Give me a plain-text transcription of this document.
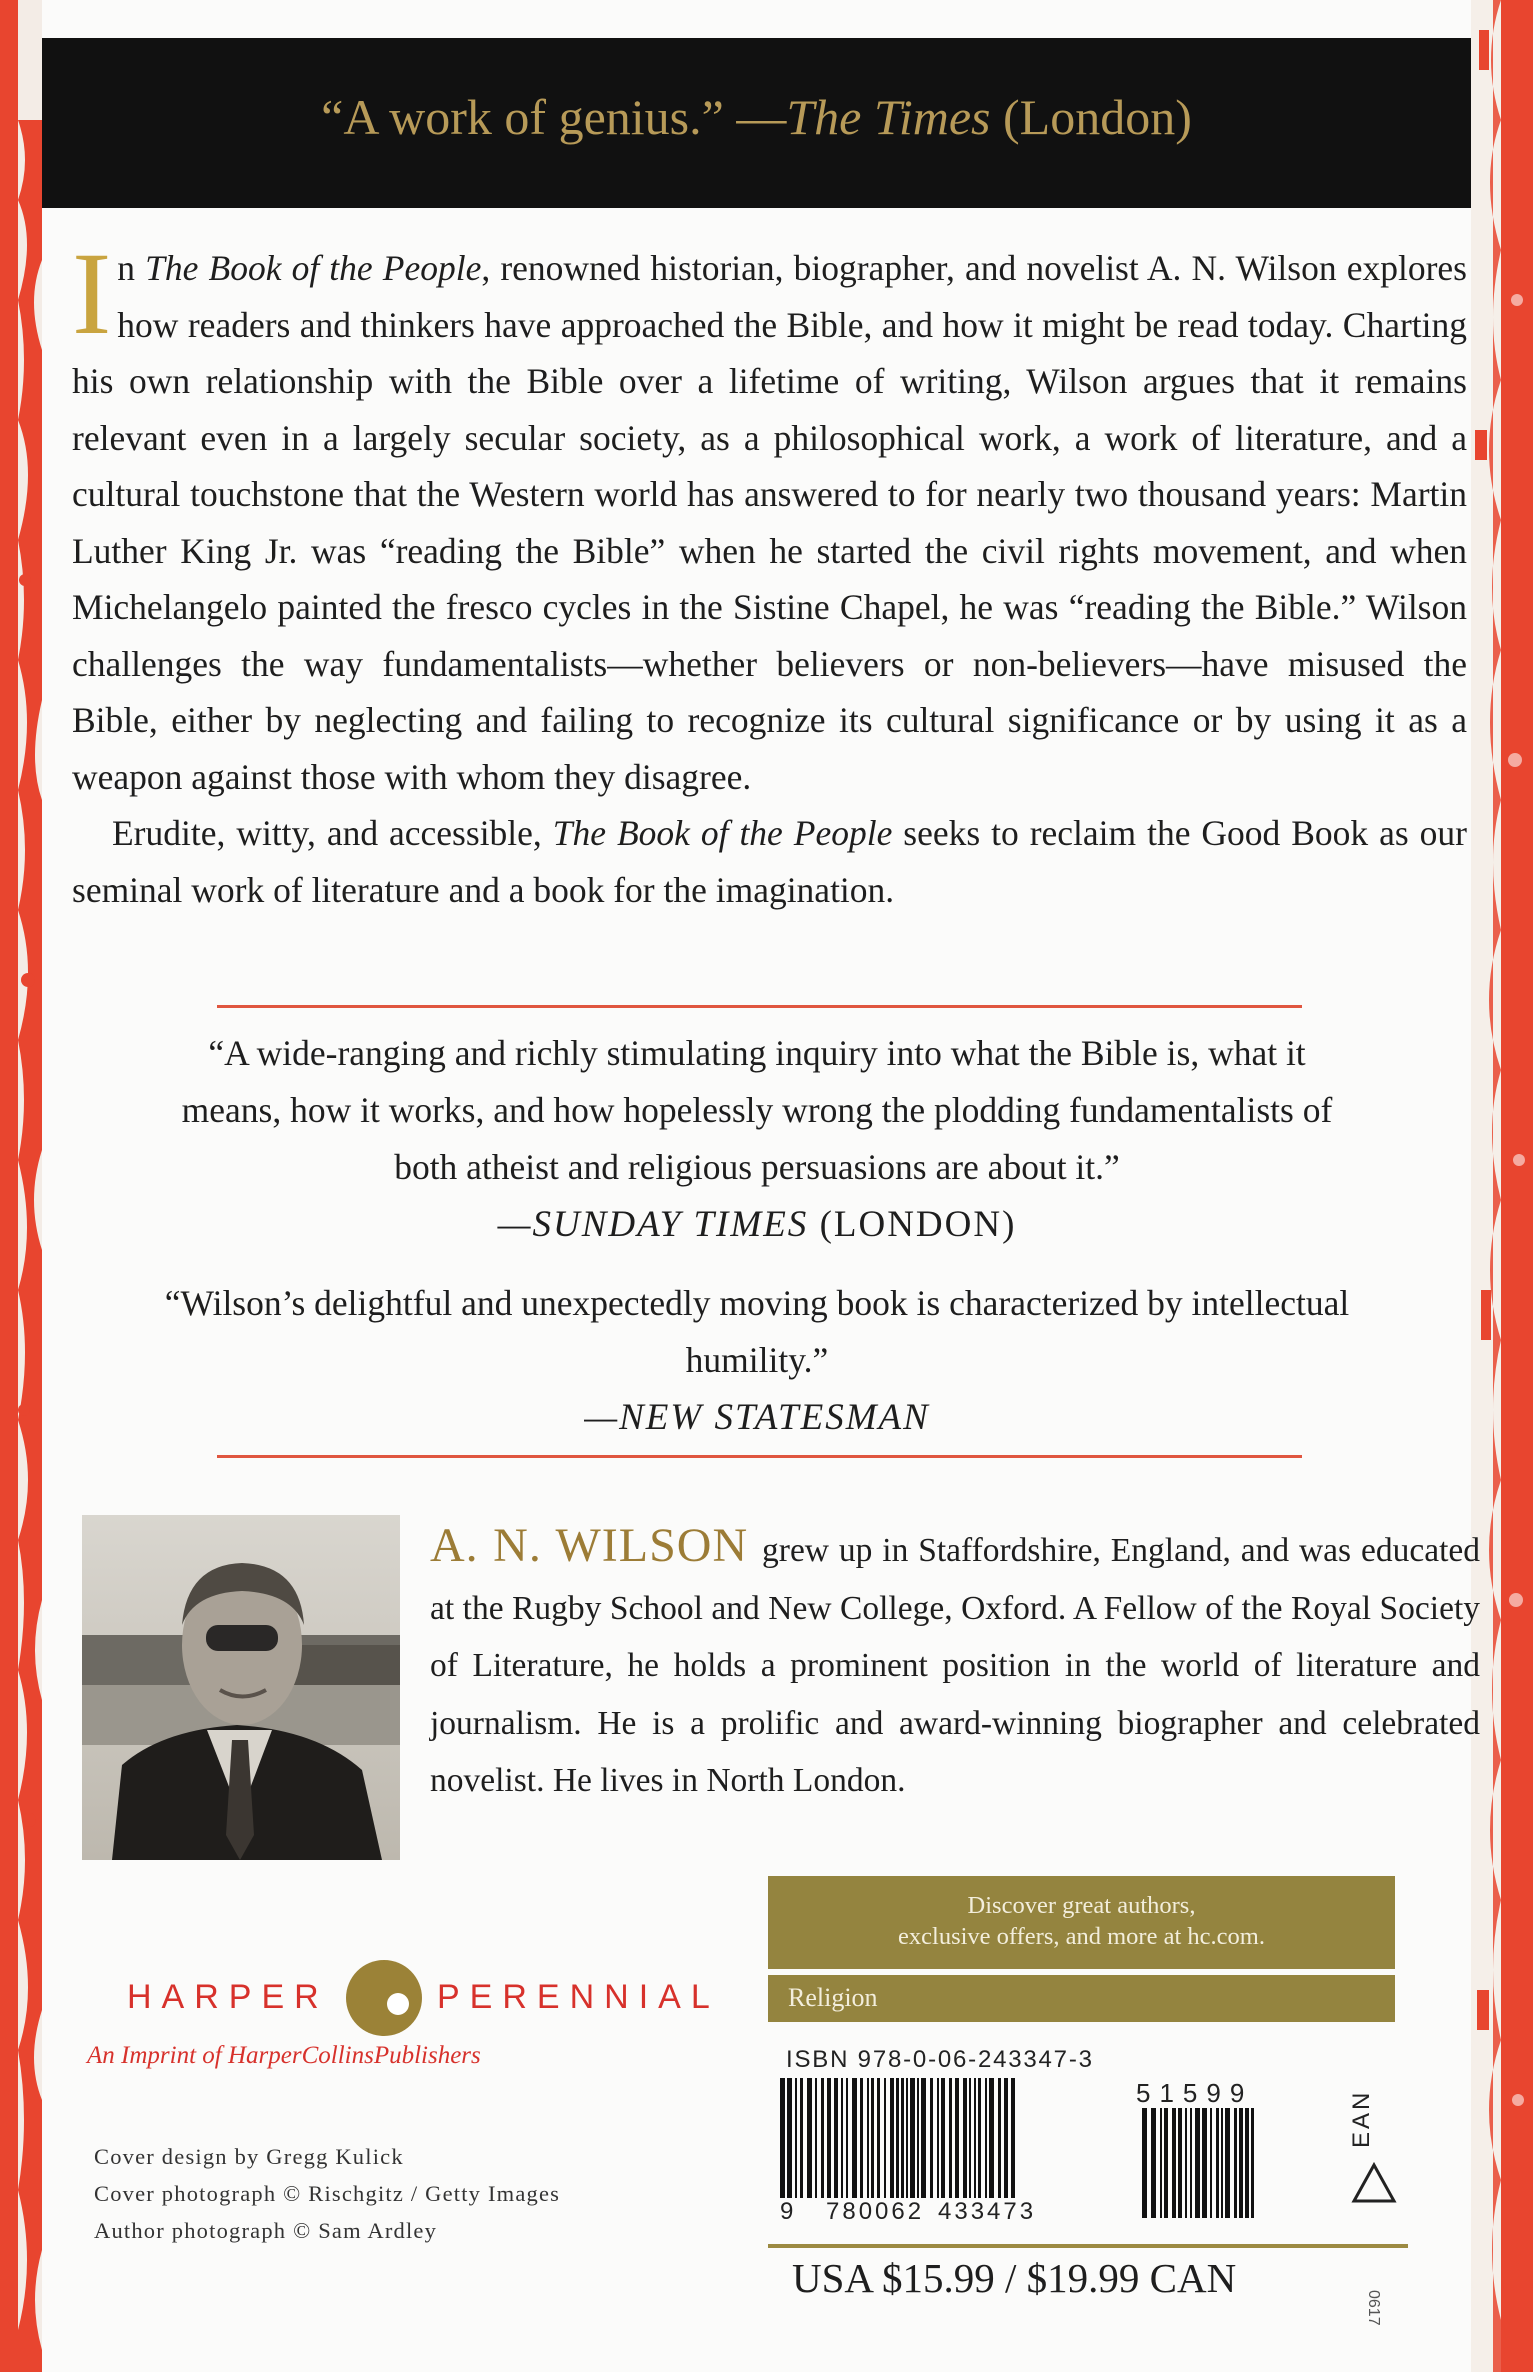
“A work of genius.” —The Times (London)

In The Book of the People, renowned historian, biographer, and novelist A. N. Wilson explores how readers and thinkers have approached the Bible, and how it might be read today. Charting his own relationship with the Bible over a lifetime of writing, Wilson argues that it remains relevant even in a largely secular society, as a philosophical work, a work of literature, and a cultural touchstone that the Western world has answered to for nearly two thousand years: Martin Luther King Jr. was “reading the Bible” when he started the civil rights movement, and when Michelangelo painted the fresco cycles in the Sistine Chapel, he was “reading the Bible.” Wilson challenges the way fundamentalists—whether believers or non-believers—have misused the Bible, either by neglecting and failing to recognize its cultural significance or by using it as a weapon against those with whom they disagree.

Erudite, witty, and accessible, The Book of the People seeks to reclaim the Good Book as our seminal work of literature and a book for the imagination.

“A wide-ranging and richly stimulating inquiry into what the Bible is, what it means, how it works, and how hopelessly wrong the plodding fundamentalists of both atheist and religious persuasions are about it.”
—SUNDAY TIMES (LONDON)
“Wilson’s delightful and unexpectedly moving book is characterized by intellectual humility.”
—NEW STATESMAN
A. N. WILSON grew up in Staffordshire, England, and was educated at the Rugby School and New College, Oxford. A Fellow of the Royal Society of Literature, he holds a prominent position in the world of literature and journalism. He is a prolific and award-winning biographer and celebrated novelist. He lives in North London.
HARPER	PERENNIAL
An Imprint of HarperCollinsPublishers
Cover design by Gregg Kulick
Cover photograph © Rischgitz / Getty Images
Author photograph © Sam Ardley
Discover great authors,
exclusive offers, and more at hc.com.
Religion
ISBN 978-0-06-243347-3
9 780062 433473
51599	EAN
USA $15.99 / $19.99 CAN
0617
